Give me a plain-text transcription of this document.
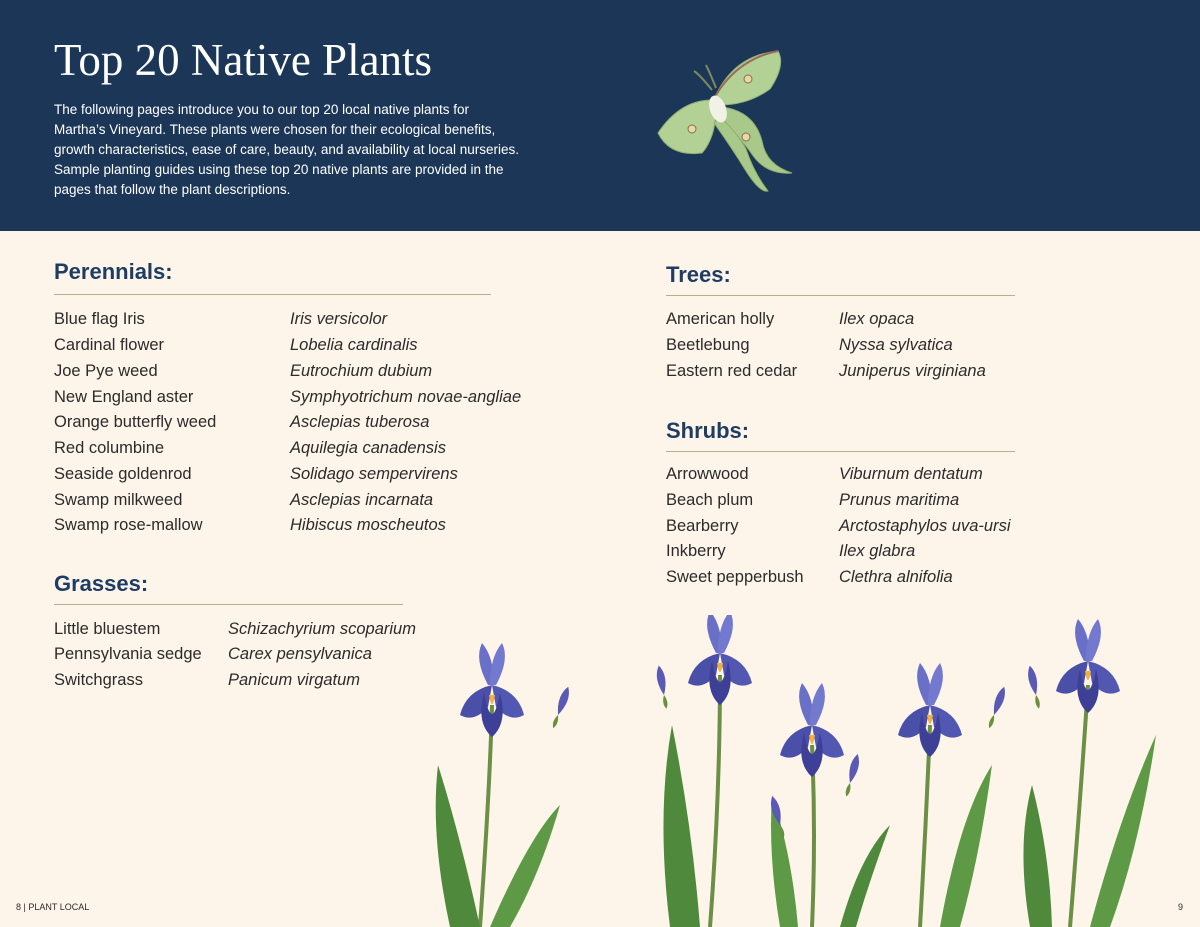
Top 20 Native Plants
The following pages introduce you to our top 20 local native plants for
Martha’s Vineyard. These plants were chosen for their ecological benefits,
growth characteristics, ease of care, beauty, and availability at local nurseries.
Sample planting guides using these top 20 native plants are provided in the
pages that follow the plant descriptions.
Perennials:
Blue flag Iris	Iris versicolor
Cardinal flower	Lobelia cardinalis
Joe Pye weed	Eutrochium dubium
New England aster	Symphyotrichum novae-angliae
Orange butterfly weed	Asclepias tuberosa
Red columbine	Aquilegia canadensis
Seaside goldenrod	Solidago sempervirens
Swamp milkweed	Asclepias incarnata
Swamp rose-mallow	Hibiscus moscheutos
Grasses:
Little bluestem	Schizachyrium scoparium
Pennsylvania sedge Carex pensylvanica
Switchgrass	Panicum virgatum
Trees:
American holly	Ilex opaca
Beetlebung	Nyssa sylvatica
Eastern red cedar	Juniperus virginiana
Shrubs:
Arrowwood	Viburnum dentatum
Beach plum	Prunus maritima
Bearberry	Arctostaphylos uva-ursi
Inkberry	Ilex glabra
Sweet pepperbush Clethra alnifolia
8 | PLANT LOCAL	9
